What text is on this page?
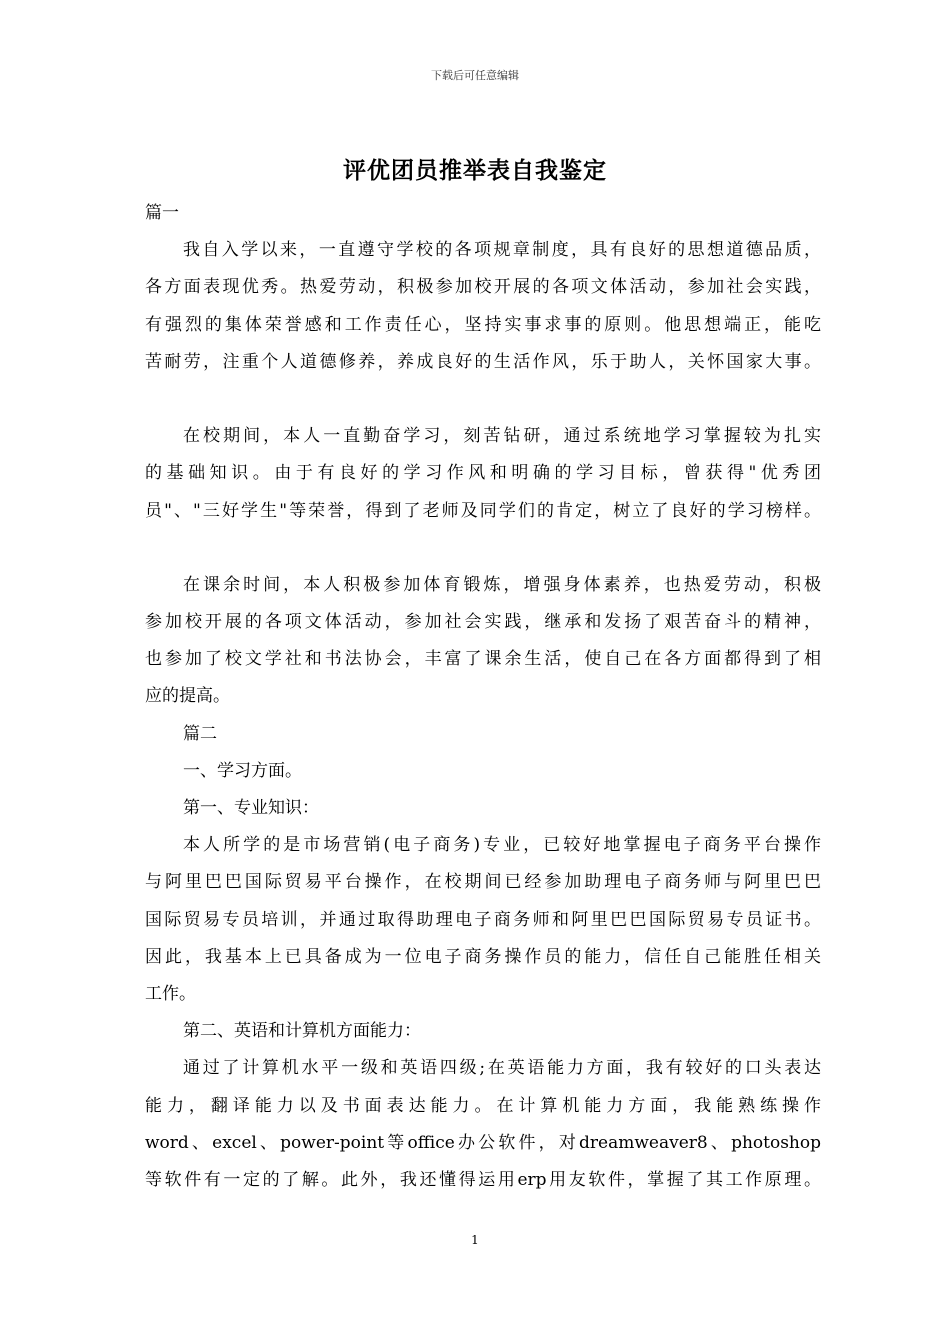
下载后可任意编辑
评优团员推举表自我鉴定
篇一
我自入学以来，一直遵守学校的各项规章制度，具有良好的思想道德品质，
各方面表现优秀。热爱劳动，积极参加校开展的各项文体活动，参加社会实践，
有强烈的集体荣誉感和工作责任心，坚持实事求事的原则。他思想端正，能吃
苦耐劳，注重个人道德修养，养成良好的生活作风，乐于助人，关怀国家大事。
在校期间，本人一直勤奋学习，刻苦钻研，通过系统地学习掌握较为扎实
的基础知识。由于有良好的学习作风和明确的学习目标，曾获得"优秀团
员"、"三好学生"等荣誉，得到了老师及同学们的肯定，树立了良好的学习榜样。
在课余时间，本人积极参加体育锻炼，增强身体素养，也热爱劳动，积极
参加校开展的各项文体活动，参加社会实践，继承和发扬了艰苦奋斗的精神，
也参加了校文学社和书法协会，丰富了课余生活，使自己在各方面都得到了相
应的提高。
篇二
一、学习方面。
第一、专业知识：
本人所学的是市场营销(电子商务)专业，已较好地掌握电子商务平台操作
与阿里巴巴国际贸易平台操作，在校期间已经参加助理电子商务师与阿里巴巴
国际贸易专员培训，并通过取得助理电子商务师和阿里巴巴国际贸易专员证书。
因此，我基本上已具备成为一位电子商务操作员的能力，信任自己能胜任相关
工作。
第二、英语和计算机方面能力：
通过了计算机水平一级和英语四级;在英语能力方面，我有较好的口头表达
能力，翻译能力以及书面表达能力。在计算机能力方面，我能熟练操作
word、excel、power-point等office办公软件，对dreamweaver8、photoshop
等软件有一定的了解。此外，我还懂得运用erp用友软件，掌握了其工作原理。
1
